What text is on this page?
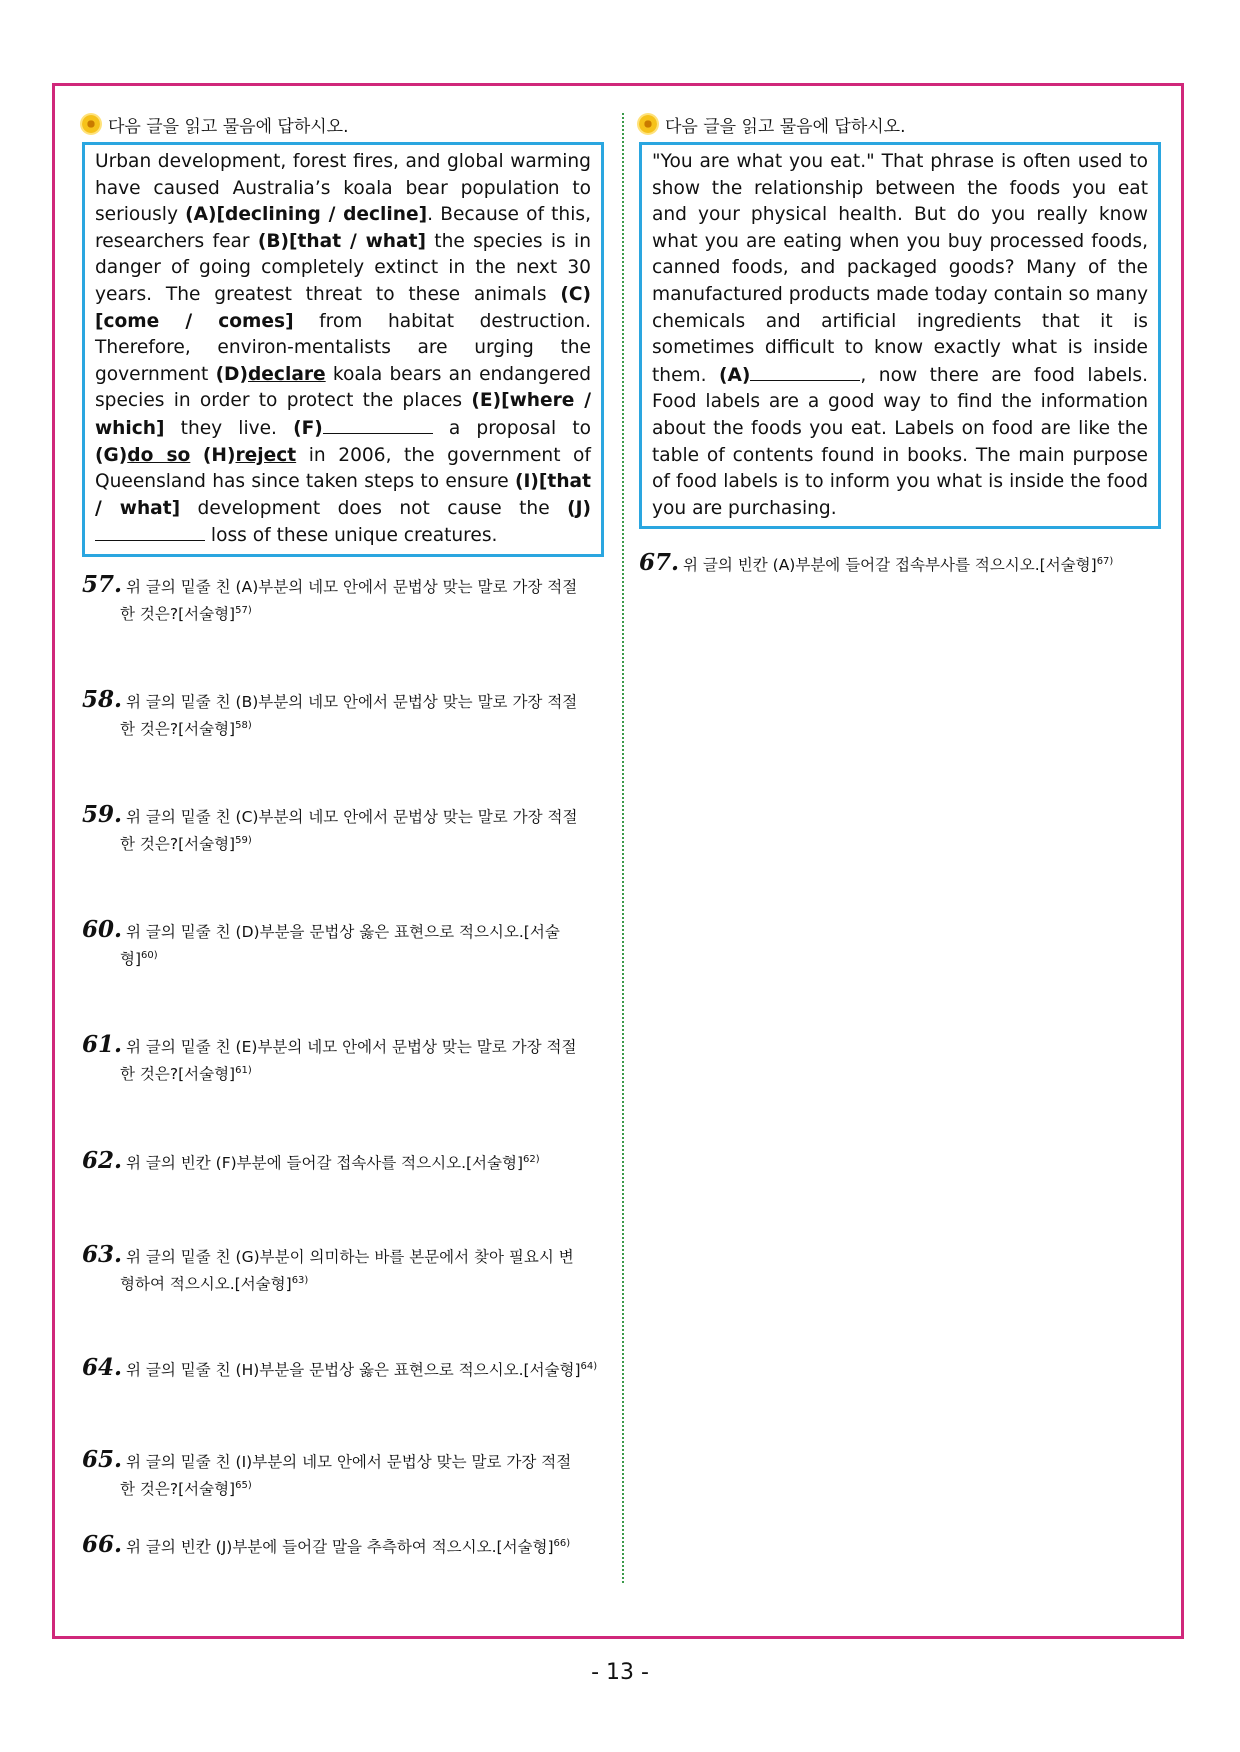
다음 글을 읽고 물음에 답하시오.
Urban development, forest fires, and global warming have caused Australia’s koala bear population to seriously (A)[declining / decline]. Because of this, researchers fear (B)[that / what] the species is in danger of going completely extinct in the next 30 years. The greatest threat to these animals (C)[come / comes] from habitat destruction. Therefore, environ-mentalists are urging the government (D)declare koala bears an endangered species in order to protect the places (E)[where / which] they live. (F)	a proposal to (G)do so (H)reject in 2006, the government of Queensland has since taken steps to ensure (I)[that / what] development does not cause the (J) loss of these unique creatures.
57. 위 글의 밑줄 친 (A)부분의 네모 안에서 문법상 맞는 말로 가장 적절
한 것은?[서술형]$^{57)}$
58. 위 글의 밑줄 친 (B)부분의 네모 안에서 문법상 맞는 말로 가장 적절
한 것은?[서술형]$^{58)}$
59. 위 글의 밑줄 친 (C)부분의 네모 안에서 문법상 맞는 말로 가장 적절
한 것은?[서술형]$^{59)}$
60. 위 글의 밑줄 친 (D)부분을 문법상 옳은 표현으로 적으시오.[서술
형]$^{60)}$
61. 위 글의 밑줄 친 (E)부분의 네모 안에서 문법상 맞는 말로 가장 적절
한 것은?[서술형]$^{61)}$
62. 위 글의 빈칸 (F)부분에 들어갈 접속사를 적으시오.[서술형]$^{62)}$
63. 위 글의 밑줄 친 (G)부분이 의미하는 바를 본문에서 찾아 필요시 변
형하여 적으시오.[서술형]$^{63)}$
64. 위 글의 밑줄 친 (H)부분을 문법상 옳은 표현으로 적으시오.[서술형]$^{64)}$
65. 위 글의 밑줄 친 (I)부분의 네모 안에서 문법상 맞는 말로 가장 적절
한 것은?[서술형]$^{65)}$
66. 위 글의 빈칸 (J)부분에 들어갈 말을 추측하여 적으시오.[서술형]$^{66)}$
다음 글을 읽고 물음에 답하시오.
"You are what you eat." That phrase is often used to show the relationship between the foods you eat and your physical health. But do you really know what you are eating when you buy processed foods, canned foods, and packaged goods? Many of the manufactured products made today contain so many chemicals and artificial ingredients that it is sometimes difficult to know exactly what is inside them. (A)	, now there are food labels. Food labels are a good way to find the information about the foods you eat. Labels on food are like the table of contents found in books. The main purpose of food labels is to inform you what is inside the food you are purchasing.
67. 위 글의 빈칸 (A)부분에 들어갈 접속부사를 적으시오.[서술형]$^{67)}$
- 13 -
